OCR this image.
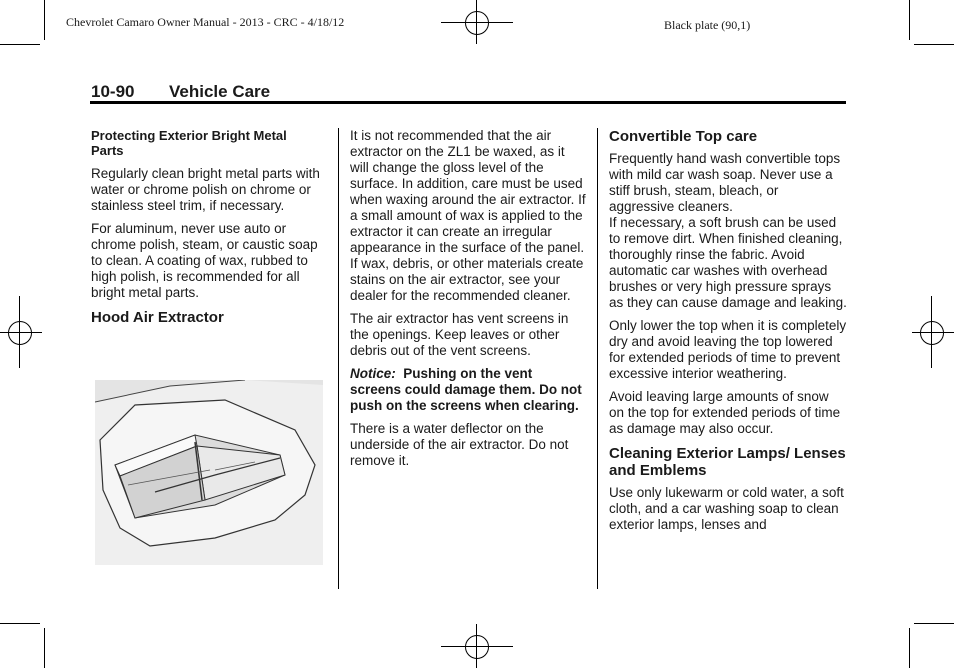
Chevrolet Camaro Owner Manual - 2013 - CRC - 4/18/12	Black plate (90,1)
10-90 Vehicle Care

Protecting Exterior Bright Metal Parts

Regularly clean bright metal parts with water or chrome polish on chrome or stainless steel trim, if necessary.

For aluminum, never use auto or chrome polish, steam, or caustic soap to clean. A coating of wax, rubbed to high polish, is recommended for all bright metal parts.

Hood Air Extractor

It is not recommended that the air extractor on the ZL1 be waxed, as it will change the gloss level of the surface. In addition, care must be used when waxing around the air extractor. If a small amount of wax is applied to the extractor it can create an irregular appearance in the surface of the panel. If wax, debris, or other materials create stains on the air extractor, see your dealer for the recommended cleaner.

The air extractor has vent screens in the openings. Keep leaves or other debris out of the vent screens.

Notice: Pushing on the vent screens could damage them. Do not push on the screens when clearing.

There is a water deflector on the underside of the air extractor. Do not remove it.

Convertible Top care

Frequently hand wash convertible tops with mild car wash soap. Never use a stiff brush, steam, bleach, or aggressive cleaners.

If necessary, a soft brush can be used to remove dirt. When finished cleaning, thoroughly rinse the fabric. Avoid automatic car washes with overhead brushes or very high pressure sprays as they can cause damage and leaking.

Only lower the top when it is completely dry and avoid leaving the top lowered for extended periods of time to prevent excessive interior weathering.

Avoid leaving large amounts of snow on the top for extended periods of time as damage may also occur.

Cleaning Exterior Lamps/ Lenses and Emblems

Use only lukewarm or cold water, a soft cloth, and a car washing soap to clean exterior lamps, lenses and
